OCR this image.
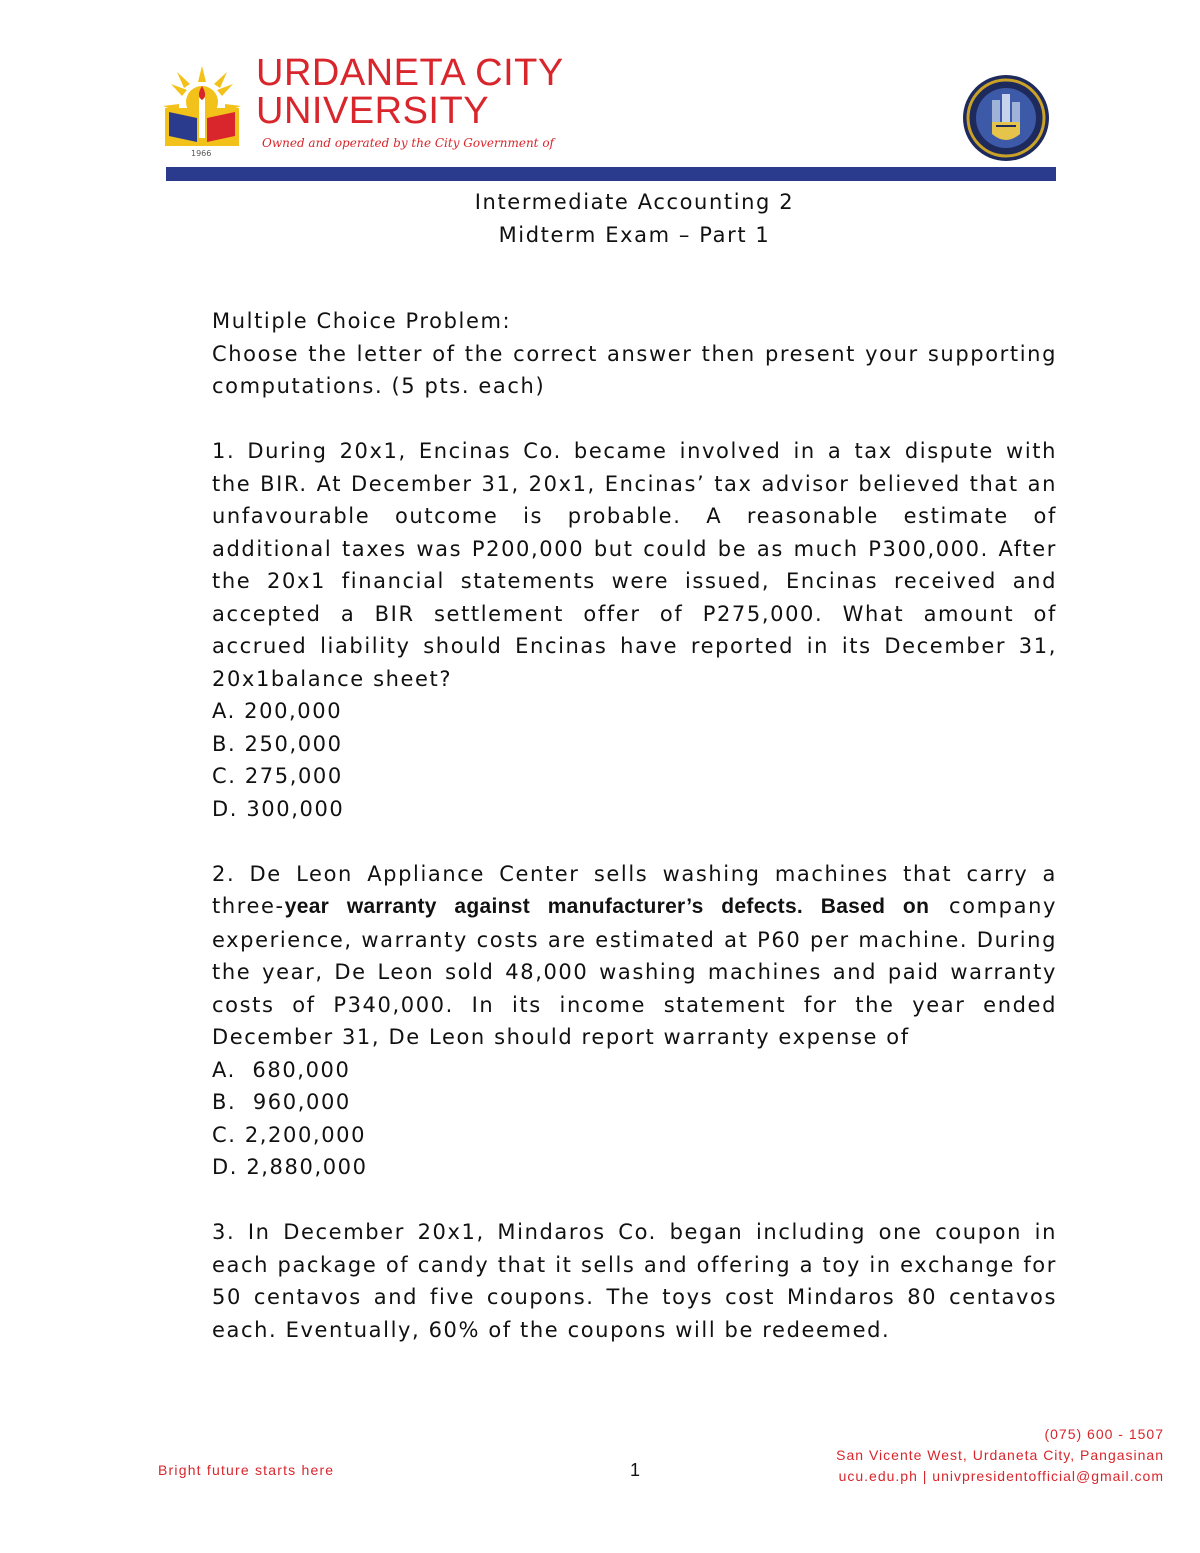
1966
URDANETA CITY
UNIVERSITY
Owned and operated by the City Government of
Intermediate Accounting 2
Midterm Exam – Part 1
Multiple Choice Problem:
Choose the letter of the correct answer then present your supporting computations. (5 pts. each)
1. During 20x1, Encinas Co. became involved in a tax dispute with the BIR. At December 31, 20x1, Encinas’ tax advisor believed that an unfavourable outcome is probable. A reasonable estimate of additional taxes was P200,000 but could be as much P300,000. After the 20x1 financial statements were issued, Encinas received and accepted a BIR settlement offer of P275,000. What amount of accrued liability should Encinas have reported in its December 31, 20x1balance sheet?
A. 200,000
B. 250,000
C. 275,000
D. 300,000
2. De Leon Appliance Center sells washing machines that carry a three-year warranty against manufacturer’s defects. Based on company experience, warranty costs are estimated at P60 per machine. During the year, De Leon sold 48,000 washing machines and paid warranty costs of P340,000. In its income statement for the year ended December 31, De Leon should report warranty expense of
A.  680,000
B.  960,000
C. 2,200,000
D. 2,880,000
3. In December 20x1, Mindaros Co. began including one coupon in each package of candy that it sells and offering a toy in exchange for 50 centavos and five coupons. The toys cost Mindaros 80 centavos each. Eventually, 60% of the coupons will be redeemed.
Bright future starts here	1
(075) 600 - 1507
San Vicente West, Urdaneta City, Pangasinan
ucu.edu.ph | univpresidentofficial@gmail.com
